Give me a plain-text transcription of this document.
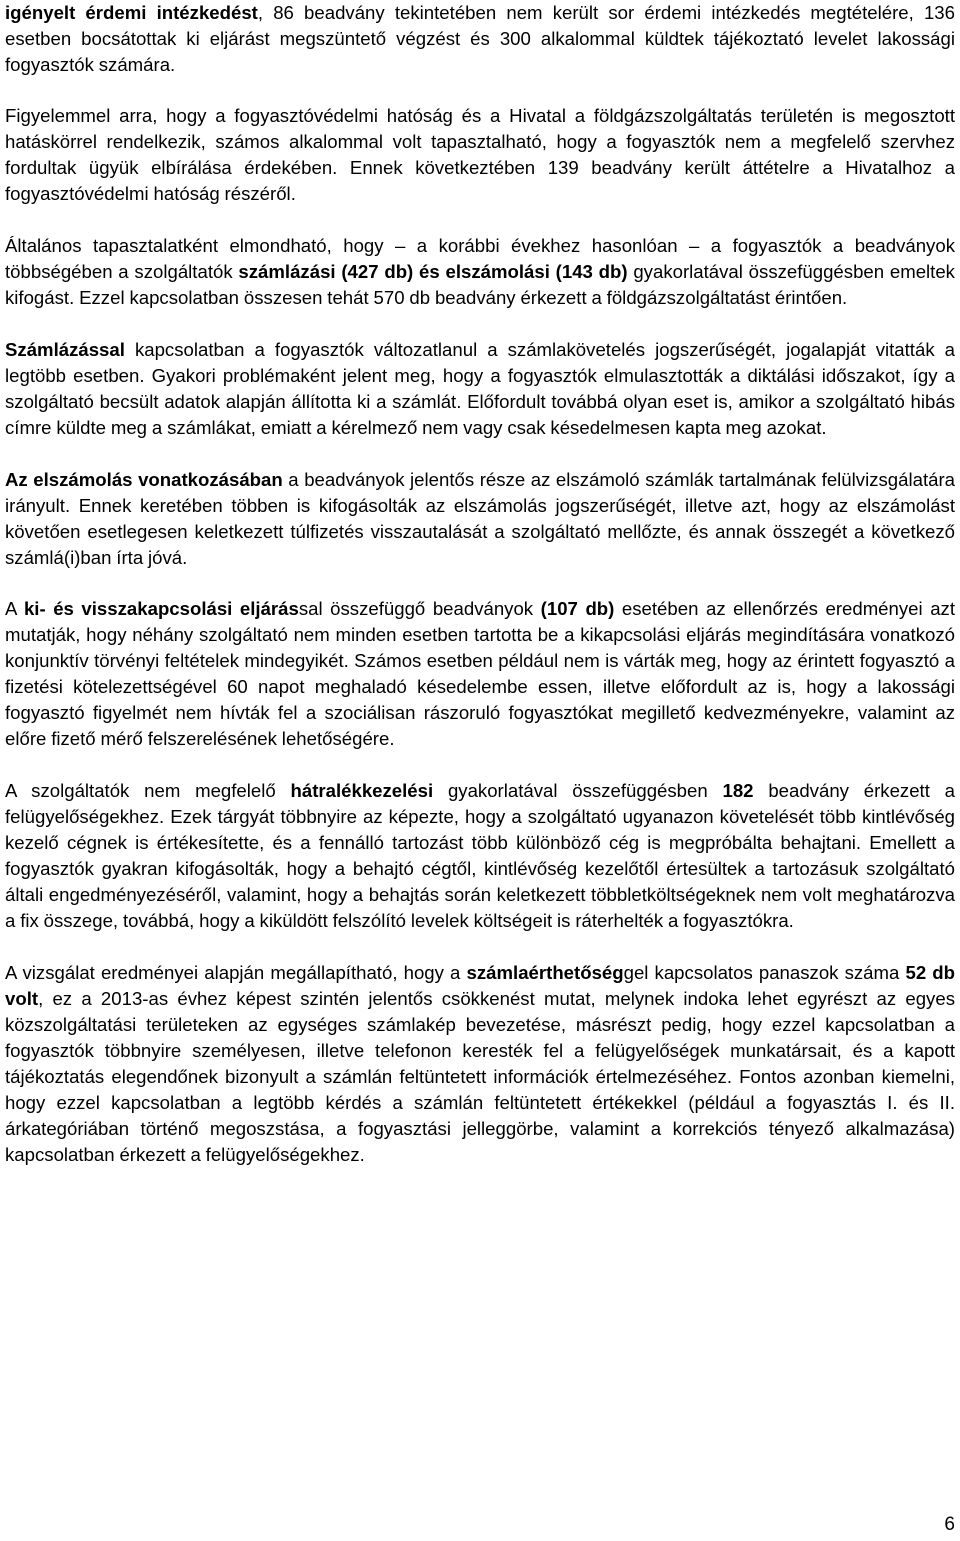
igényelt érdemi intézkedést, 86 beadvány tekintetében nem került sor érdemi intézkedés megtételére, 136 esetben bocsátottak ki eljárást megszüntető végzést és 300 alkalommal küldtek tájékoztató levelet lakossági fogyasztók számára.

Figyelemmel arra, hogy a fogyasztóvédelmi hatóság és a Hivatal a földgázszolgáltatás területén is megosztott hatáskörrel rendelkezik, számos alkalommal volt tapasztalható, hogy a fogyasztók nem a megfelelő szervhez fordultak ügyük elbírálása érdekében. Ennek következtében 139 beadvány került áttételre a Hivatalhoz a fogyasztóvédelmi hatóság részéről.

Általános tapasztalatként elmondható, hogy – a korábbi évekhez hasonlóan – a fogyasztók a beadványok többségében a szolgáltatók számlázási (427 db) és elszámolási (143 db) gyakorlatával összefüggésben emeltek kifogást. Ezzel kapcsolatban összesen tehát 570 db beadvány érkezett a földgázszolgáltatást érintően.

Számlázással kapcsolatban a fogyasztók változatlanul a számlakövetelés jogszerűségét, jogalapját vitatták a legtöbb esetben. Gyakori problémaként jelent meg, hogy a fogyasztók elmulasztották a diktálási időszakot, így a szolgáltató becsült adatok alapján állította ki a számlát. Előfordult továbbá olyan eset is, amikor a szolgáltató hibás címre küldte meg a számlákat, emiatt a kérelmező nem vagy csak késedelmesen kapta meg azokat.

Az elszámolás vonatkozásában a beadványok jelentős része az elszámoló számlák tartalmának felülvizsgálatára irányult. Ennek keretében többen is kifogásolták az elszámolás jogszerűségét, illetve azt, hogy az elszámolást követően esetlegesen keletkezett túlfizetés visszautalását a szolgáltató mellőzte, és annak összegét a következő számlá(i)ban írta jóvá.

A ki- és visszakapcsolási eljárással összefüggő beadványok (107 db) esetében az ellenőrzés eredményei azt mutatják, hogy néhány szolgáltató nem minden esetben tartotta be a kikapcsolási eljárás megindítására vonatkozó konjunktív törvényi feltételek mindegyikét. Számos esetben például nem is várták meg, hogy az érintett fogyasztó a fizetési kötelezettségével 60 napot meghaladó késedelembe essen, illetve előfordult az is, hogy a lakossági fogyasztó figyelmét nem hívták fel a szociálisan rászoruló fogyasztókat megillető kedvezményekre, valamint az előre fizető mérő felszerelésének lehetőségére.

A szolgáltatók nem megfelelő hátralékkezelési gyakorlatával összefüggésben 182 beadvány érkezett a felügyelőségekhez. Ezek tárgyát többnyire az képezte, hogy a szolgáltató ugyanazon követelését több kintlévőség kezelő cégnek is értékesítette, és a fennálló tartozást több különböző cég is megpróbálta behajtani. Emellett a fogyasztók gyakran kifogásolták, hogy a behajtó cégtől, kintlévőség kezelőtől értesültek a tartozásuk szolgáltató általi engedményezéséről, valamint, hogy a behajtás során keletkezett többletköltségeknek nem volt meghatározva a fix összege, továbbá, hogy a kiküldött felszólító levelek költségeit is ráterhelték a fogyasztókra.

A vizsgálat eredményei alapján megállapítható, hogy a számlaérthetőséggel kapcsolatos panaszok száma 52 db volt, ez a 2013-as évhez képest szintén jelentős csökkenést mutat, melynek indoka lehet egyrészt az egyes közszolgáltatási területeken az egységes számlakép bevezetése, másrészt pedig, hogy ezzel kapcsolatban a fogyasztók többnyire személyesen, illetve telefonon keresték fel a felügyelőségek munkatársait, és a kapott tájékoztatás elegendőnek bizonyult a számlán feltüntetett információk értelmezéséhez. Fontos azonban kiemelni, hogy ezzel kapcsolatban a legtöbb kérdés a számlán feltüntetett értékekkel (például a fogyasztás I. és II. árkategóriában történő megoszstása, a fogyasztási jelleggörbe, valamint a korrekciós tényező alkalmazása) kapcsolatban érkezett a felügyelőségekhez.

6
